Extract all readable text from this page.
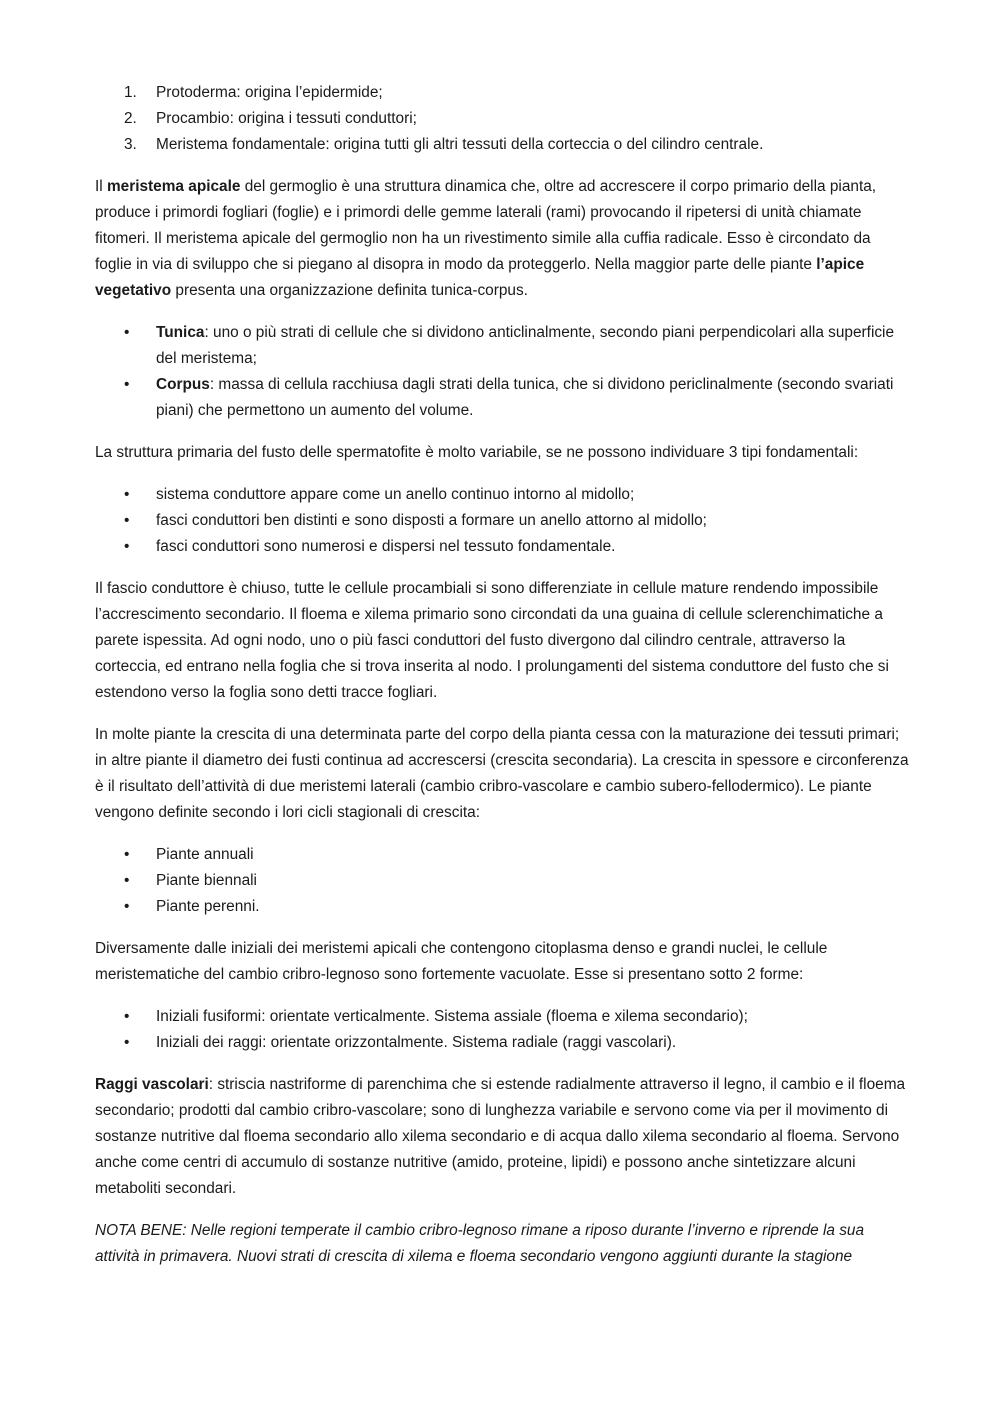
1. Protoderma: origina l’epidermide;
2. Procambio: origina i tessuti conduttori;
3. Meristema fondamentale: origina tutti gli altri tessuti della corteccia o del cilindro centrale.

Il meristema apicale del germoglio è una struttura dinamica che, oltre ad accrescere il corpo primario della pianta, produce i primordi fogliari (foglie) e i primordi delle gemme laterali (rami) provocando il ripetersi di unità chiamate fitomeri. Il meristema apicale del germoglio non ha un rivestimento simile alla cuffia radicale. Esso è circondato da foglie in via di sviluppo che si piegano al disopra in modo da proteggerlo. Nella maggior parte delle piante l’apice vegetativo presenta una organizzazione definita tunica-corpus.

• Tunica: uno o più strati di cellule che si dividono anticlinalmente, secondo piani perpendicolari alla superficie del meristema;
• Corpus: massa di cellula racchiusa dagli strati della tunica, che si dividono periclinalmente (secondo svariati piani) che permettono un aumento del volume.

La struttura primaria del fusto delle spermatofite è molto variabile, se ne possono individuare 3 tipi fondamentali:

• sistema conduttore appare come un anello continuo intorno al midollo;
• fasci conduttori ben distinti e sono disposti a formare un anello attorno al midollo;
• fasci conduttori sono numerosi e dispersi nel tessuto fondamentale.

Il fascio conduttore è chiuso, tutte le cellule procambiali si sono differenziate in cellule mature rendendo impossibile l’accrescimento secondario. Il floema e xilema primario sono circondati da una guaina di cellule sclerenchimatiche a parete ispessita. Ad ogni nodo, uno o più fasci conduttori del fusto divergono dal cilindro centrale, attraverso la corteccia, ed entrano nella foglia che si trova inserita al nodo. I prolungamenti del sistema conduttore del fusto che si estendono verso la foglia sono detti tracce fogliari.

In molte piante la crescita di una determinata parte del corpo della pianta cessa con la maturazione dei tessuti primari; in altre piante il diametro dei fusti continua ad accrescersi (crescita secondaria). La crescita in spessore e circonferenza è il risultato dell’attività di due meristemi laterali (cambio cribro-vascolare e cambio subero-fellodermico). Le piante vengono definite secondo i lori cicli stagionali di crescita:

• Piante annuali
• Piante biennali
• Piante perenni.

Diversamente dalle iniziali dei meristemi apicali che contengono citoplasma denso e grandi nuclei, le cellule meristematiche del cambio cribro-legnoso sono fortemente vacuolate. Esse si presentano sotto 2 forme:

• Iniziali fusiformi: orientate verticalmente. Sistema assiale (floema e xilema secondario);
• Iniziali dei raggi: orientate orizzontalmente. Sistema radiale (raggi vascolari).

Raggi vascolari: striscia nastriforme di parenchima che si estende radialmente attraverso il legno, il cambio e il floema secondario; prodotti dal cambio cribro-vascolare; sono di lunghezza variabile e servono come via per il movimento di sostanze nutritive dal floema secondario allo xilema secondario e di acqua dallo xilema secondario al floema. Servono anche come centri di accumulo di sostanze nutritive (amido, proteine, lipidi) e possono anche sintetizzare alcuni metaboliti secondari.

NOTA BENE: Nelle regioni temperate il cambio cribro-legnoso rimane a riposo durante l’inverno e riprende la sua attività in primavera. Nuovi strati di crescita di xilema e floema secondario vengono aggiunti durante la stagione
